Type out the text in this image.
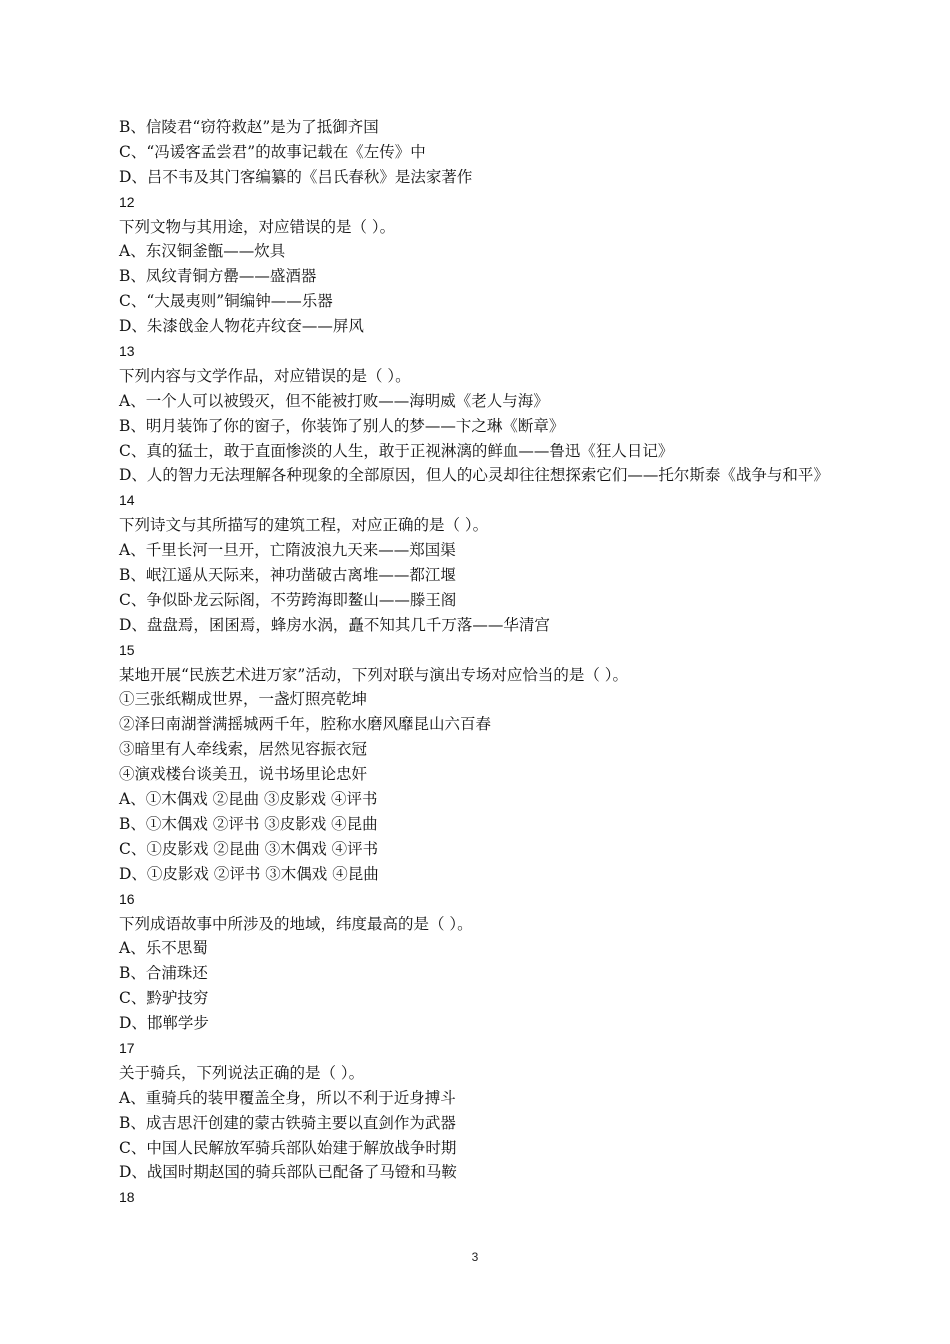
B、信陵君“窃符救赵”是为了抵御齐国
C、“冯谖客孟尝君”的故事记载在《左传》中
D、吕不韦及其门客编纂的《吕氏春秋》是法家著作
12
下列文物与其用途，对应错误的是（ ）。
A、东汉铜釜甑——炊具
B、凤纹青铜方罍——盛酒器
C、“大晟夷则”铜编钟——乐器
D、朱漆戗金人物花卉纹奁——屏风
13
下列内容与文学作品，对应错误的是（ ）。
A、一个人可以被毁灭，但不能被打败——海明威《老人与海》
B、明月装饰了你的窗子，你装饰了别人的梦——卞之琳《断章》
C、真的猛士，敢于直面惨淡的人生，敢于正视淋漓的鲜血——鲁迅《狂人日记》
D、人的智力无法理解各种现象的全部原因，但人的心灵却往往想探索它们——托尔斯泰《战争与和平》
14
下列诗文与其所描写的建筑工程，对应正确的是（ ）。
A、千里长河一旦开，亡隋波浪九天来——郑国渠
B、岷江遥从天际来，神功凿破古离堆——都江堰
C、争似卧龙云际阁，不劳跨海即鳌山——滕王阁
D、盘盘焉，囷囷焉，蜂房水涡，矗不知其几千万落——华清宫
15
某地开展“民族艺术进万家”活动，下列对联与演出专场对应恰当的是（ ）。
①三张纸糊成世界，一盏灯照亮乾坤
②泽曰南湖誉满摇城两千年，腔称水磨风靡昆山六百春
③暗里有人牵线索，居然见容振衣冠
④演戏楼台谈美丑，说书场里论忠奸
A、①木偶戏 ②昆曲 ③皮影戏 ④评书
B、①木偶戏 ②评书 ③皮影戏 ④昆曲
C、①皮影戏 ②昆曲 ③木偶戏 ④评书
D、①皮影戏 ②评书 ③木偶戏 ④昆曲
16
下列成语故事中所涉及的地域，纬度最高的是（ ）。
A、乐不思蜀
B、合浦珠还
C、黔驴技穷
D、邯郸学步
17
关于骑兵，下列说法正确的是（ ）。
A、重骑兵的装甲覆盖全身，所以不利于近身搏斗
B、成吉思汗创建的蒙古铁骑主要以直剑作为武器
C、中国人民解放军骑兵部队始建于解放战争时期
D、战国时期赵国的骑兵部队已配备了马镫和马鞍
18
3
